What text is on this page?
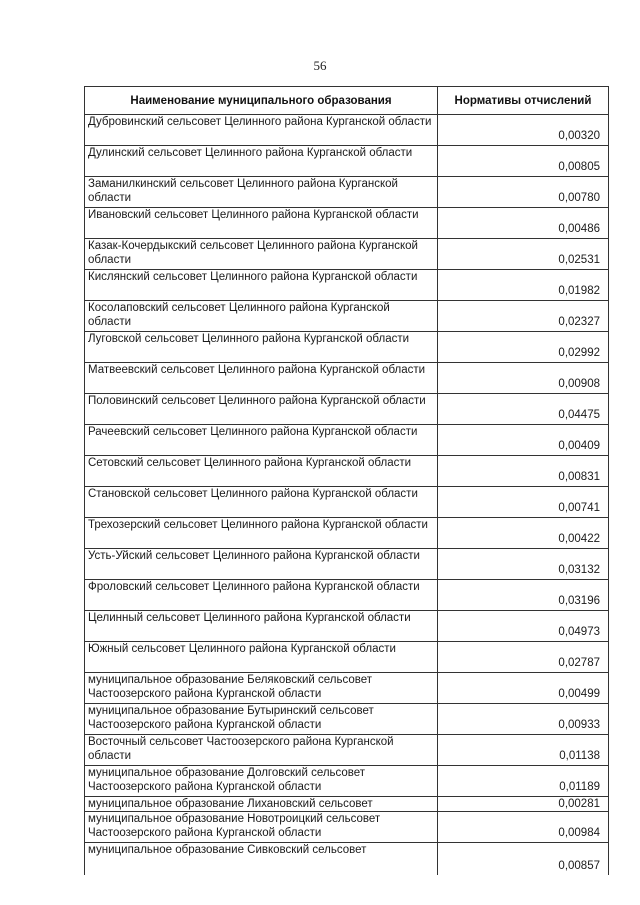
56
Наименование муниципального образования	Нормативы отчислений
Дубровинский сельсовет Целинного района Курганской области	0,00320
Дулинский сельсовет Целинного района Курганской области	0,00805
Заманилкинский сельсовет Целинного района Курганской области	0,00780
Ивановский сельсовет Целинного района Курганской области	0,00486
Казак-Кочердыкский сельсовет Целинного района Курганской области	0,02531
Кислянский сельсовет Целинного района Курганской области	0,01982
Косолаповский сельсовет Целинного района Курганской области	0,02327
Луговской сельсовет Целинного района Курганской области	0,02992
Матвеевский сельсовет Целинного района Курганской области	0,00908
Половинский сельсовет Целинного района Курганской области	0,04475
Рачеевский сельсовет Целинного района Курганской области	0,00409
Сетовский сельсовет Целинного района Курганской области	0,00831
Становской сельсовет Целинного района Курганской области	0,00741
Трехозерский сельсовет Целинного района Курганской области	0,00422
Усть-Уйский сельсовет Целинного района Курганской области	0,03132
Фроловский сельсовет Целинного района Курганской области	0,03196
Целинный сельсовет Целинного района Курганской области	0,04973
Южный сельсовет Целинного района Курганской области	0,02787
муниципальное образование Беляковский сельсовет Частоозерского района Курганской области	0,00499
муниципальное образование Бутыринский сельсовет Частоозерского района Курганской области	0,00933
Восточный сельсовет Частоозерского района Курганской области	0,01138
муниципальное образование Долговский сельсовет Частоозерского района Курганской области	0,01189
муниципальное образование Лихановский сельсовет	0,00281
муниципальное образование Новотроицкий сельсовет Частоозерского района Курганской области	0,00984
муниципальное образование Сивковский сельсовет	0,00857
